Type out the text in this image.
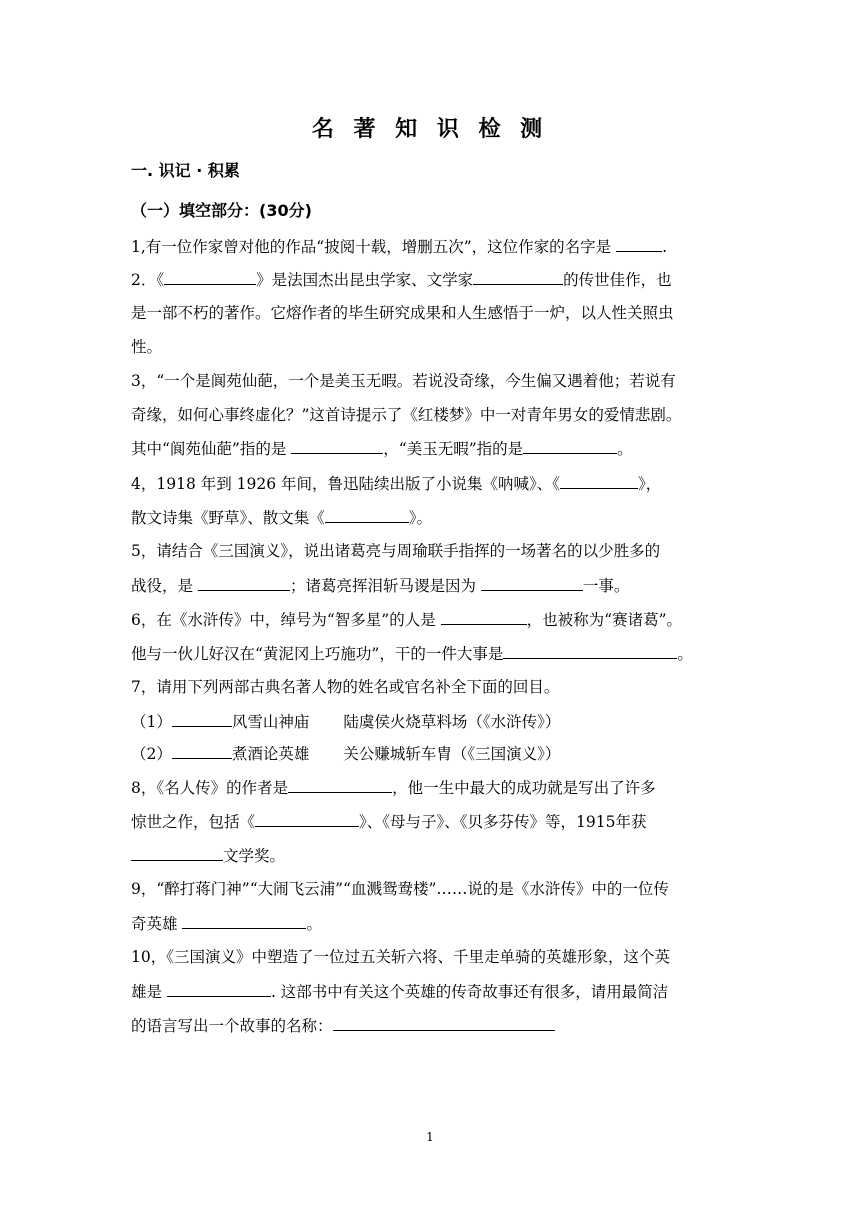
名 著 知 识 检 测
一. 识记 · 积累
（一）填空部分：(30分)
1,有一位作家曾对他的作品“披阅十载，增删五次”，这位作家的名字是	.
2．《	》是法国杰出昆虫学家、文学家	的传世佳作，也
是一部不朽的著作。它熔作者的毕生研究成果和人生感悟于一炉，以人性关照虫
性。
3，“一个是阆苑仙葩，一个是美玉无暇。若说没奇缘，今生偏又遇着他；若说有
奇缘，如何心事终虚化？”这首诗提示了《红楼梦》中一对青年男女的爱情悲剧。
其中“阆苑仙葩”指的是	，“美玉无暇”指的是	。
4，1918 年到 1926 年间，鲁迅陆续出版了小说集《呐喊》、《	》，
散文诗集《野草》、散文集《	》。
5，请结合《三国演义》，说出诸葛亮与周瑜联手指挥的一场著名的以少胜多的
战役，是	；诸葛亮挥泪斩马谡是因为	一事。
6，在《水浒传》中，绰号为“智多星”的人是	，也被称为“赛诸葛”。
他与一伙儿好汉在“黄泥冈上巧施功”，干的一件大事是	。
7，请用下列两部古典名著人物的姓名或官名补全下面的回目。
（1）	风雪山神庙 陆虞侯火烧草料场（《水浒传》）
（2）	煮酒论英雄 关公赚城斩车胄（《三国演义》）
8，《名人传》的作者是	，他一生中最大的成功就是写出了许多
惊世之作，包括《	》、《母与子》、《贝多芬传》等，1915年获
文学奖。
9，“醉打蒋门神”“大闹飞云浦”“血溅鸳鸯楼”……说的是《水浒传》中的一位传
奇英雄	。
10，《三国演义》中塑造了一位过五关斩六将、千里走单骑的英雄形象，这个英
雄是	. 这部书中有关这个英雄的传奇故事还有很多，请用最简洁
的语言写出一个故事的名称：
1
